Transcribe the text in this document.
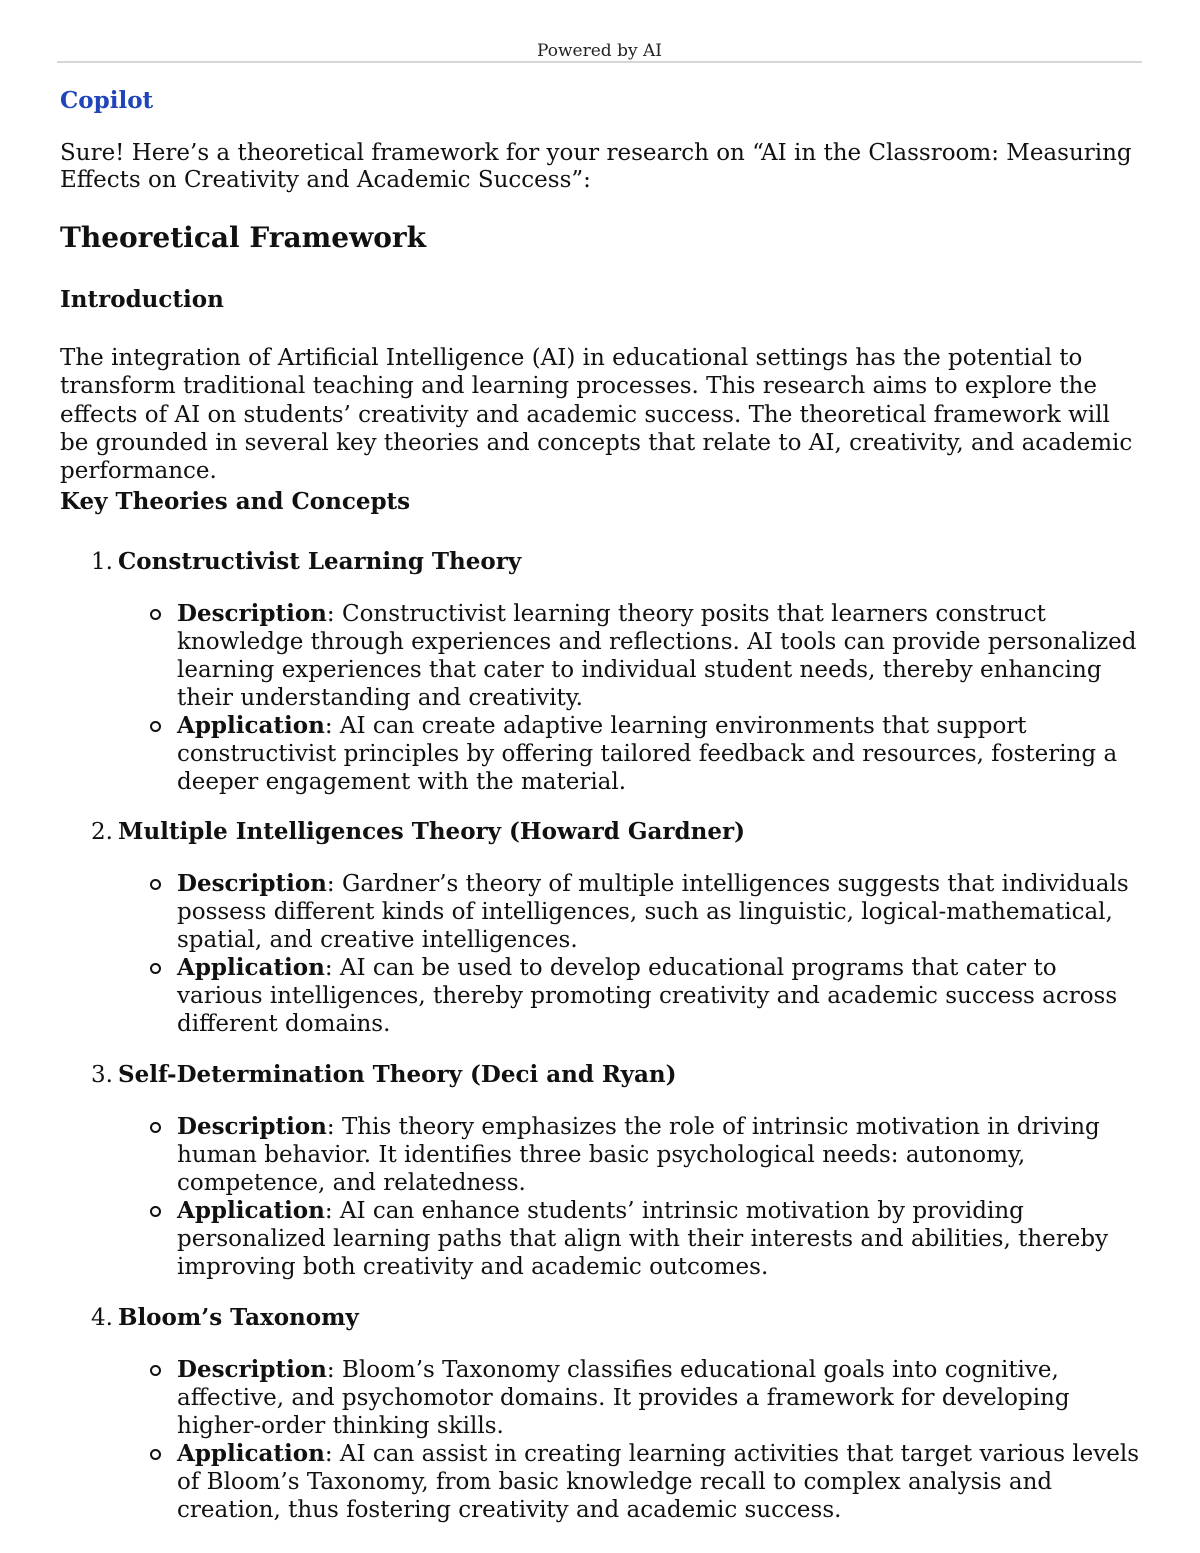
Powered by AI
Copilot
Sure! Here’s a theoretical framework for your research on “AI in the Classroom: Measuring Effects on Creativity and Academic Success”:
Theoretical Framework
Introduction
The integration of Artificial Intelligence (AI) in educational settings has the potential to transform traditional teaching and learning processes. This research aims to explore the effects of AI on students’ creativity and academic success. The theoretical framework will be grounded in several key theories and concepts that relate to AI, creativity, and academic performance.
Key Theories and Concepts
1. Constructivist Learning Theory
Description: Constructivist learning theory posits that learners construct knowledge through experiences and reflections. AI tools can provide personalized learning experiences that cater to individual student needs, thereby enhancing their understanding and creativity.
Application: AI can create adaptive learning environments that support constructivist principles by offering tailored feedback and resources, fostering a deeper engagement with the material.
2. Multiple Intelligences Theory (Howard Gardner)
Description: Gardner’s theory of multiple intelligences suggests that individuals possess different kinds of intelligences, such as linguistic, logical-mathematical, spatial, and creative intelligences.
Application: AI can be used to develop educational programs that cater to various intelligences, thereby promoting creativity and academic success across different domains.
3. Self-Determination Theory (Deci and Ryan)
Description: This theory emphasizes the role of intrinsic motivation in driving human behavior. It identifies three basic psychological needs: autonomy, competence, and relatedness.
Application: AI can enhance students’ intrinsic motivation by providing personalized learning paths that align with their interests and abilities, thereby improving both creativity and academic outcomes.
4. Bloom’s Taxonomy
Description: Bloom’s Taxonomy classifies educational goals into cognitive, affective, and psychomotor domains. It provides a framework for developing higher-order thinking skills.
Application: AI can assist in creating learning activities that target various levels of Bloom’s Taxonomy, from basic knowledge recall to complex analysis and creation, thus fostering creativity and academic success.
